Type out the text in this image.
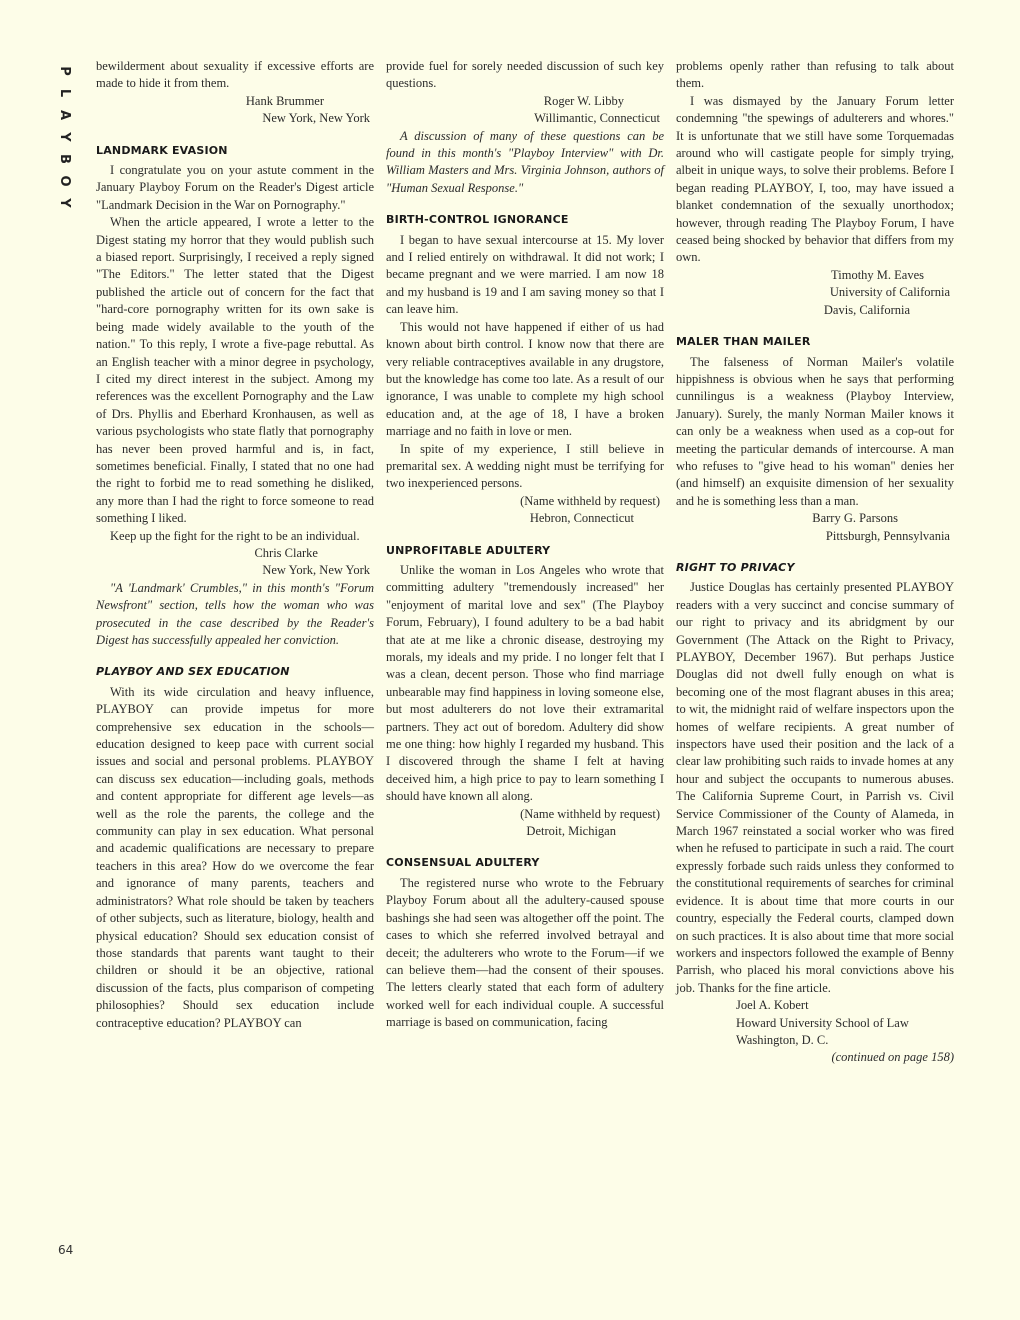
P
L
A
Y
B
O
Y
64

bewilderment about sexuality if excessive efforts are made to hide it from them.

Hank Brummer

New York, New York

LANDMARK EVASION

I congratulate you on your astute comment in the January Playboy Forum on the Reader's Digest article "Landmark Decision in the War on Pornography."

When the article appeared, I wrote a letter to the Digest stating my horror that they would publish such a biased report. Surprisingly, I received a reply signed "The Editors." The letter stated that the Digest published the article out of concern for the fact that "hard-core pornography written for its own sake is being made widely available to the youth of the nation." To this reply, I wrote a five-page rebuttal. As an English teacher with a minor degree in psychology, I cited my direct interest in the subject. Among my references was the excellent Pornography and the Law of Drs. Phyllis and Eberhard Kronhausen, as well as various psychologists who state flatly that pornography has never been proved harmful and is, in fact, sometimes beneficial. Finally, I stated that no one had the right to forbid me to read something he disliked, any more than I had the right to force someone to read something I liked.

Keep up the fight for the right to be an individual.

Chris Clarke

New York, New York

"A 'Landmark' Crumbles," in this month's "Forum Newsfront" section, tells how the woman who was prosecuted in the case described by the Reader's Digest has successfully appealed her conviction.

PLAYBOY AND SEX EDUCATION

With its wide circulation and heavy influence, PLAYBOY can provide impetus for more comprehensive sex education in the schools—education designed to keep pace with current social issues and social and personal problems. PLAYBOY can discuss sex education—including goals, methods and content appropriate for different age levels—as well as the role the parents, the college and the community can play in sex education. What personal and academic qualifications are necessary to prepare teachers in this area? How do we overcome the fear and ignorance of many parents, teachers and administrators? What role should be taken by teachers of other subjects, such as literature, biology, health and physical education? Should sex education consist of those standards that parents want taught to their children or should it be an objective, rational discussion of the facts, plus comparison of competing philosophies? Should sex education include contraceptive education? PLAYBOY can

provide fuel for sorely needed discussion of such key questions.

Roger W. Libby

Willimantic, Connecticut

A discussion of many of these questions can be found in this month's "Playboy Interview" with Dr. William Masters and Mrs. Virginia Johnson, authors of "Human Sexual Response."

BIRTH-CONTROL IGNORANCE

I began to have sexual intercourse at 15. My lover and I relied entirely on withdrawal. It did not work; I became pregnant and we were married. I am now 18 and my husband is 19 and I am saving money so that I can leave him.

This would not have happened if either of us had known about birth control. I know now that there are very reliable contraceptives available in any drugstore, but the knowledge has come too late. As a result of our ignorance, I was unable to complete my high school education and, at the age of 18, I have a broken marriage and no faith in love or men.

In spite of my experience, I still believe in premarital sex. A wedding night must be terrifying for two inexperienced persons.

(Name withheld by request)

Hebron, Connecticut

UNPROFITABLE ADULTERY

Unlike the woman in Los Angeles who wrote that committing adultery "tremendously increased" her "enjoyment of marital love and sex" (The Playboy Forum, February), I found adultery to be a bad habit that ate at me like a chronic disease, destroying my morals, my ideals and my pride. I no longer felt that I was a clean, decent person. Those who find marriage unbearable may find happiness in loving someone else, but most adulterers do not love their extramarital partners. They act out of boredom. Adultery did show me one thing: how highly I regarded my husband. This I discovered through the shame I felt at having deceived him, a high price to pay to learn something I should have known all along.

(Name withheld by request)

Detroit, Michigan

CONSENSUAL ADULTERY

The registered nurse who wrote to the February Playboy Forum about all the adultery-caused spouse bashings she had seen was altogether off the point. The cases to which she referred involved betrayal and deceit; the adulterers who wrote to the Forum—if we can believe them—had the consent of their spouses. The letters clearly stated that each form of adultery worked well for each individual couple. A successful marriage is based on communication, facing

problems openly rather than refusing to talk about them.

I was dismayed by the January Forum letter condemning "the spewings of adulterers and whores." It is unfortunate that we still have some Torquemadas around who will castigate people for simply trying, albeit in unique ways, to solve their problems. Before I began reading PLAYBOY, I, too, may have issued a blanket condemnation of the sexually unorthodox; however, through reading The Playboy Forum, I have ceased being shocked by behavior that differs from my own.

Timothy M. Eaves

University of California

Davis, California

MALER THAN MAILER

The falseness of Norman Mailer's volatile hippishness is obvious when he says that performing cunnilingus is a weakness (Playboy Interview, January). Surely, the manly Norman Mailer knows it can only be a weakness when used as a cop-out for meeting the particular demands of intercourse. A man who refuses to "give head to his woman" denies her (and himself) an exquisite dimension of her sexuality and he is something less than a man.

Barry G. Parsons

Pittsburgh, Pennsylvania

RIGHT TO PRIVACY

Justice Douglas has certainly presented PLAYBOY readers with a very succinct and concise summary of our right to privacy and its abridgment by our Government (The Attack on the Right to Privacy, PLAYBOY, December 1967). But perhaps Justice Douglas did not dwell fully enough on what is becoming one of the most flagrant abuses in this area; to wit, the midnight raid of welfare inspectors upon the homes of welfare recipients. A great number of inspectors have used their position and the lack of a clear law prohibiting such raids to invade homes at any hour and subject the occupants to numerous abuses. The California Supreme Court, in Parrish vs. Civil Service Commissioner of the County of Alameda, in March 1967 reinstated a social worker who was fired when he refused to participate in such a raid. The court expressly forbade such raids unless they conformed to the constitutional requirements of searches for criminal evidence. It is about time that more courts in our country, especially the Federal courts, clamped down on such practices. It is also about time that more social workers and inspectors followed the example of Benny Parrish, who placed his moral convictions above his job. Thanks for the fine article.

Joel A. Kobert

Howard University School of Law

Washington, D. C.

(continued on page 158)
